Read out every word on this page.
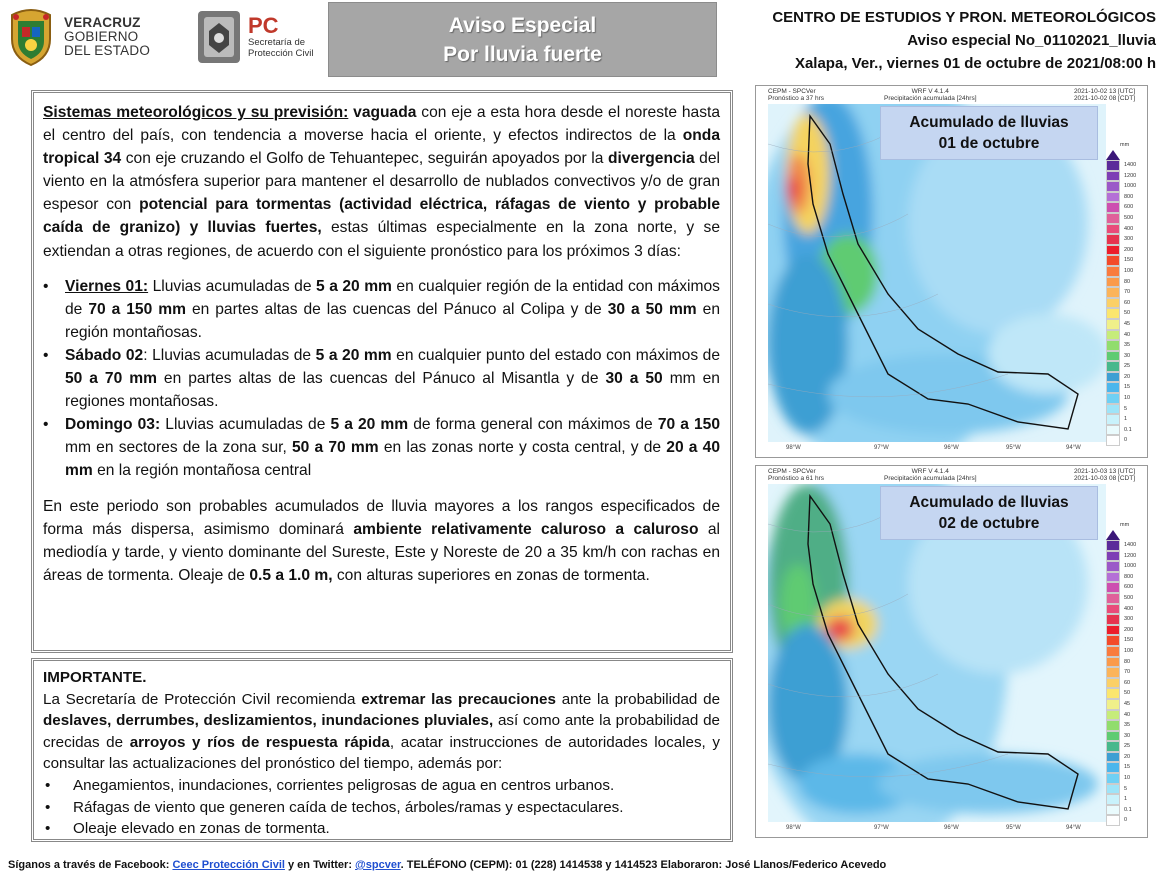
VERACRUZ
GOBIERNO
DEL ESTADO
PC
Secretaría de
Protección Civil
Aviso Especial
Por lluvia fuerte
CENTRO DE ESTUDIOS Y PRON. METEOROLÓGICOS
Aviso especial No_01102021_lluvia
Xalapa, Ver., viernes 01 de octubre de 2021/08:00 h

Sistemas meteorológicos y su previsión: vaguada con eje a esta hora desde el noreste hasta el centro del país, con tendencia a moverse hacia el oriente, y efectos indirectos de la onda tropical 34 con eje cruzando el Golfo de Tehuantepec, seguirán apoyados por la divergencia del viento en la atmósfera superior para mantener el desarrollo de nublados convectivos y/o de gran espesor con potencial para tormentas (actividad eléctrica, ráfagas de viento y probable caída de granizo) y lluvias fuertes, estas últimas especialmente en la zona norte, y se extiendan a otras regiones, de acuerdo con el siguiente pronóstico para los próximos 3 días:

• Viernes 01: Lluvias acumuladas de 5 a 20 mm en cualquier región de la entidad con máximos de 70 a 150 mm en partes altas de las cuencas del Pánuco al Colipa y de 30 a 50 mm en región montañosas.
• Sábado 02: Lluvias acumuladas de 5 a 20 mm en cualquier punto del estado con máximos de 50 a 70 mm en partes altas de las cuencas del Pánuco al Misantla y de 30 a 50 mm en regiones montañosas.
• Domingo 03: Lluvias acumuladas de 5 a 20 mm de forma general con máximos de 70 a 150 mm en sectores de la zona sur, 50 a 70 mm en las zonas norte y costa central, y de 20 a 40 mm en la región montañosa central

En este periodo son probables acumulados de lluvia mayores a los rangos especificados de forma más dispersa, asimismo dominará ambiente relativamente caluroso a caluroso al mediodía y tarde, y viento dominante del Sureste, Este y Noreste de 20 a 35 km/h con rachas en áreas de tormenta. Oleaje de 0.5 a 1.0 m, con alturas superiores en zonas de tormenta.

IMPORTANTE.

La Secretaría de Protección Civil recomienda extremar las precauciones ante la probabilidad de deslaves, derrumbes, deslizamientos, inundaciones pluviales, así como ante la probabilidad de crecidas de arroyos y ríos de respuesta rápida, acatar instrucciones de autoridades locales, y consultar las actualizaciones del pronóstico del tiempo, además por:

• Anegamientos, inundaciones, corrientes peligrosas de agua en centros urbanos.
• Ráfagas de viento que generen caída de techos, árboles/ramas y espectaculares.
• Oleaje elevado en zonas de tormenta.
Síganos a través de Facebook: Ceec Protección Civil y en Twitter: @spcver. TELÉFONO (CEPM): 01 (228) 1414538 y 1414523 Elaboraron: José Llanos/Federico Acevedo
CEPM - SPCVer
Pronóstico a 37 hrs
WRF V 4.1.4
Precipitación acumulada [24hrs]
2021-10-02 13 [UTC]
2021-10-02 08 [CDT]
mm
1400
1200
1000
800
600
500
400
300
200
150
100
80
70
60
50
45
40
35
30
25
20
15
10
5
1
0.1
0
Acumulado de lluvias
01 de octubre
98°W	97°W	96°W	95°W	94°W
CEPM - SPCVer
Pronóstico a 61 hrs
WRF V 4.1.4
Precipitación acumulada [24hrs]
2021-10-03 13 [UTC]
2021-10-03 08 [CDT]
mm
1400
1200
1000
800
600
500
400
300
200
150
100
80
70
60
50
45
40
35
30
25
20
15
10
5
1
0.1
0
Acumulado de lluvias
02 de octubre
98°W	97°W	96°W	95°W	94°W
